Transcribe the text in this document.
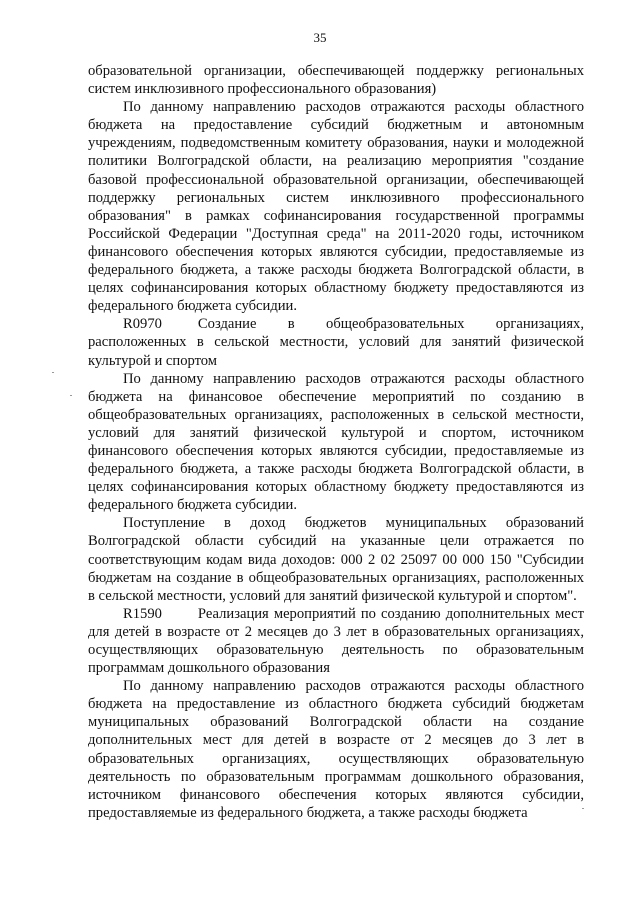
35

образовательной организации, обеспечивающей поддержку региональных систем инклюзивного профессионального образования)

По данному направлению расходов отражаются расходы областного бюджета на предоставление субсидий бюджетным и автономным учреждениям, подведомственным комитету образования, науки и молодежной политики Волгоградской области, на реализацию мероприятия "создание базовой профессиональной образовательной организации, обеспечивающей поддержку региональных систем инклюзивного профессионального образования" в рамках софинансирования государственной программы Российской Федерации "Доступная среда" на 2011-2020 годы, источником финансового обеспечения которых являются субсидии, предоставляемые из федерального бюджета, а также расходы бюджета Волгоградской области, в целях софинансирования которых областному бюджету предоставляются из федерального бюджета субсидии.

R0970 Создание в общеобразовательных организациях, расположенных в сельской местности, условий для занятий физической культурой и спортом

По данному направлению расходов отражаются расходы областного бюджета на финансовое обеспечение мероприятий по созданию в общеобразовательных организациях, расположенных в сельской местности, условий для занятий физической культурой и спортом, источником финансового обеспечения которых являются субсидии, предоставляемые из федерального бюджета, а также расходы бюджета Волгоградской области, в целях софинансирования которых областному бюджету предоставляются из федерального бюджета субсидии.

Поступление в доход бюджетов муниципальных образований Волгоградской области субсидий на указанные цели отражается по соответствующим кодам вида доходов: 000 2 02 25097 00 000 150 "Субсидии бюджетам на создание в общеобразовательных организациях, расположенных в сельской местности, условий для занятий физической культурой и спортом".

R1590 Реализация мероприятий по созданию дополнительных мест для детей в возрасте от 2 месяцев до 3 лет в образовательных организациях, осуществляющих образовательную деятельность по образовательным программам дошкольного образования

По данному направлению расходов отражаются расходы областного бюджета на предоставление из областного бюджета субсидий бюджетам муниципальных образований Волгоградской области на создание дополнительных мест для детей в возрасте от 2 месяцев до 3 лет в образовательных организациях, осуществляющих образовательную деятельность по образовательным программам дошкольного образования, источником финансового обеспечения которых являются субсидии, предоставляемые из федерального бюджета, а также расходы бюджета
